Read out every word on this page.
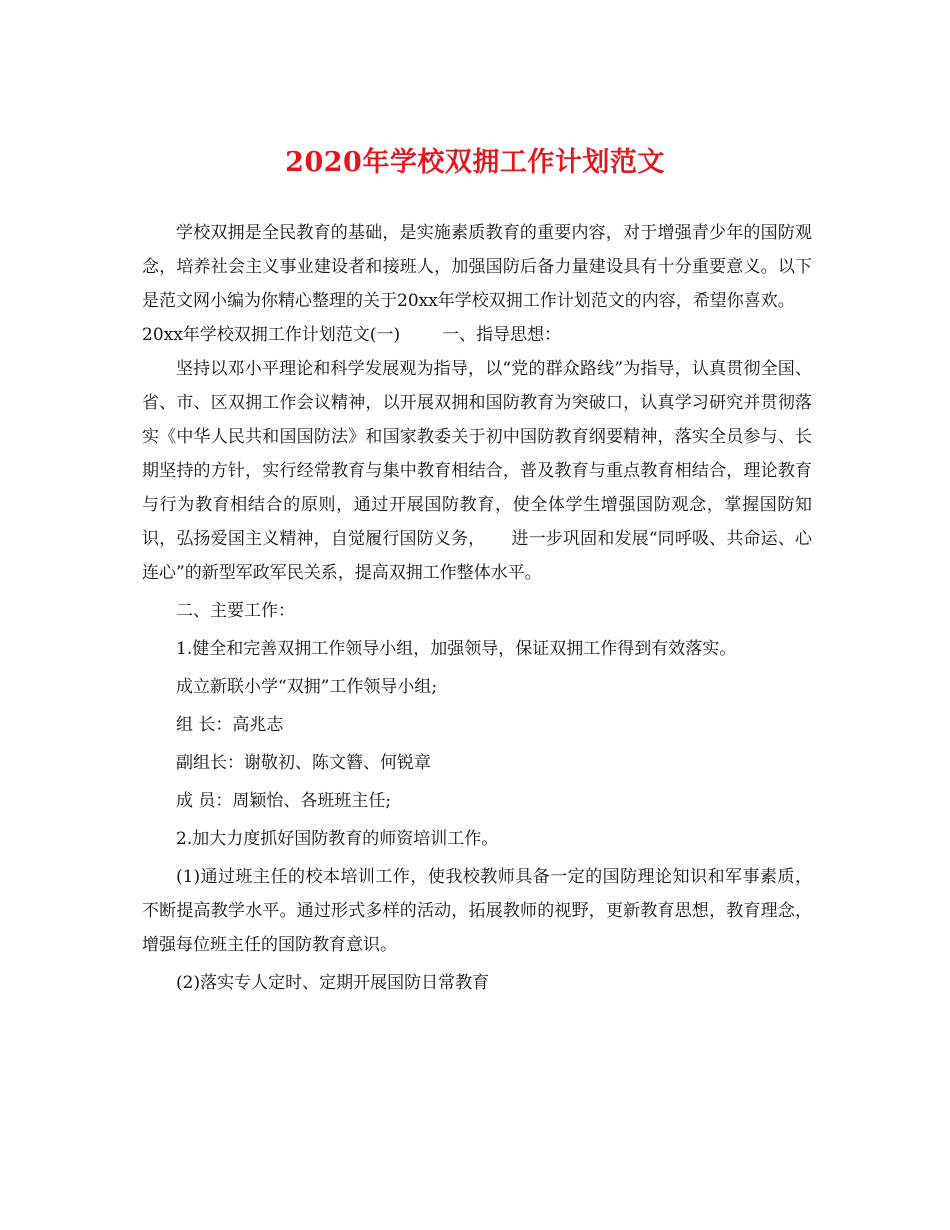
2020年学校双拥工作计划范文

学校双拥是全民教育的基础，是实施素质教育的重要内容，对于增强青少年的国防观念，培养社会主义事业建设者和接班人，加强国防后备力量建设具有十分重要意义。以下是范文网小编为你精心整理的关于20xx年学校双拥工作计划范文的内容，希望你喜欢。

20xx年学校双拥工作计划范文(一) 一、指导思想：

坚持以邓小平理论和科学发展观为指导，以“党的群众路线”为指导，认真贯彻全国、省、市、区双拥工作会议精神，以开展双拥和国防教育为突破口，认真学习研究并贯彻落实《中华人民共和国国防法》和国家教委关于初中国防教育纲要精神，落实全员参与、长期坚持的方针，实行经常教育与集中教育相结合，普及教育与重点教育相结合，理论教育与行为教育相结合的原则，通过开展国防教育，使全体学生增强国防观念，掌握国防知识，弘扬爱国主义精神，自觉履行国防义务， 进一步巩固和发展“同呼吸、共命运、心连心”的新型军政军民关系，提高双拥工作整体水平。

二、主要工作：

1.健全和完善双拥工作领导小组，加强领导，保证双拥工作得到有效落实。

成立新联小学“双拥”工作领导小组;

组 长：高兆志

副组长：谢敬初、陈文簪、何锐章

成 员：周颖怡、各班班主任;

2.加大力度抓好国防教育的师资培训工作。

(1)通过班主任的校本培训工作，使我校教师具备一定的国防理论知识和军事素质，不断提高教学水平。通过形式多样的活动，拓展教师的视野，更新教育思想，教育理念，增强每位班主任的国防教育意识。

(2)落实专人定时、定期开展国防日常教育
